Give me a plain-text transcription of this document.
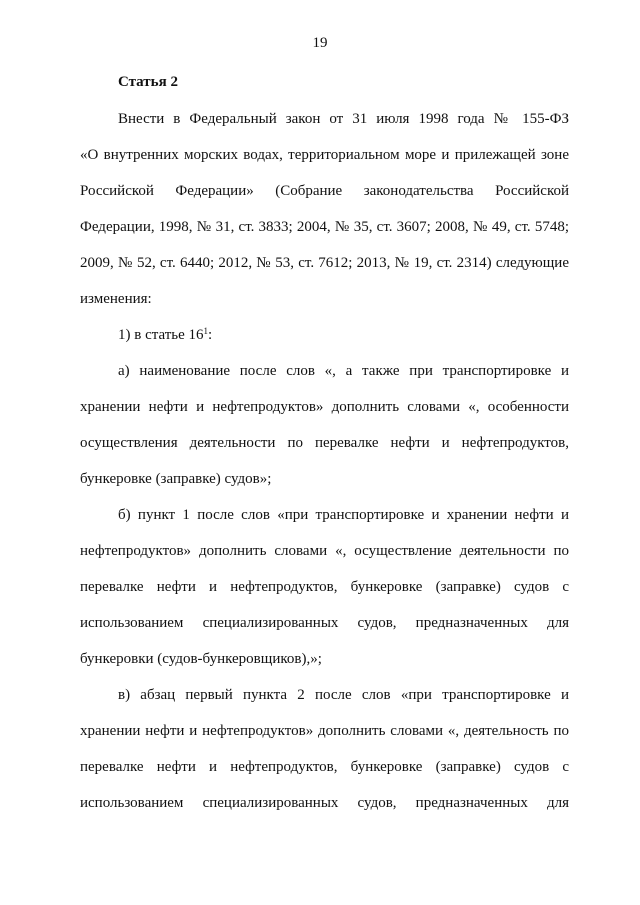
19
Статья 2
Внести в Федеральный закон от 31 июля 1998 года № 155-ФЗ
«О внутренних морских водах, территориальном море и прилежащей зоне
Российской Федерации» (Собрание законодательства Российской
Федерации, 1998, № 31, ст. 3833; 2004, № 35, ст. 3607; 2008, № 49, ст. 5748;
2009, № 52, ст. 6440; 2012, № 53, ст. 7612; 2013, № 19, ст. 2314) следующие
изменения:
1) в статье $16^1$:
а) наименование после слов «, а также при транспортировке и
хранении нефти и нефтепродуктов» дополнить словами «, особенности
осуществления деятельности по перевалке нефти и нефтепродуктов,
бункеровке (заправке) судов»;
б) пункт 1 после слов «при транспортировке и хранении нефти и
нефтепродуктов» дополнить словами «, осуществление деятельности по
перевалке нефти и нефтепродуктов, бункеровке (заправке) судов с
использованием специализированных судов, предназначенных для
бункеровки (судов-бункеровщиков),»;
в) абзац первый пункта 2 после слов «при транспортировке и
хранении нефти и нефтепродуктов» дополнить словами «, деятельность по
перевалке нефти и нефтепродуктов, бункеровке (заправке) судов с
использованием специализированных судов, предназначенных для
